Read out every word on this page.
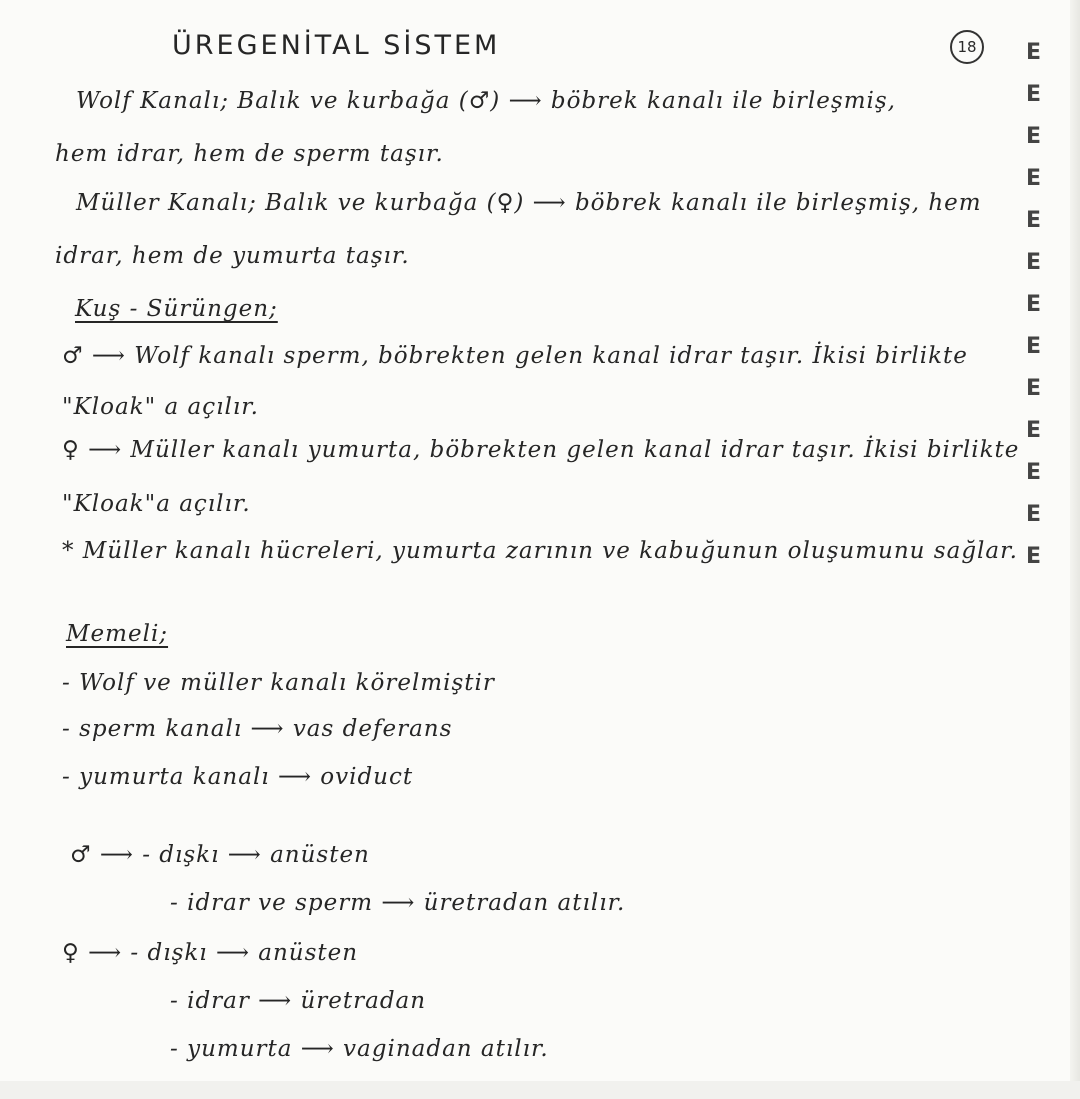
ÜREGENİTAL SİSTEM	18
Wolf Kanalı; Balık ve kurbağa (♂) ⟶ böbrek kanalı ile birleşmiş,
hem idrar, hem de sperm taşır.
Müller Kanalı; Balık ve kurbağa (♀) ⟶ böbrek kanalı ile birleşmiş, hem
idrar, hem de yumurta taşır.
Kuş - Sürüngen;
♂ ⟶ Wolf kanalı sperm, böbrekten gelen kanal idrar taşır. İkisi birlikte
"Kloak" a açılır.
♀ ⟶ Müller kanalı yumurta, böbrekten gelen kanal idrar taşır. İkisi birlikte
"Kloak"a açılır.
* Müller kanalı hücreleri, yumurta zarının ve kabuğunun oluşumunu sağlar.
Memeli;
- Wolf ve müller kanalı körelmiştir
- sperm kanalı ⟶ vas deferans
- yumurta kanalı ⟶ oviduct
♂ ⟶ - dışkı ⟶ anüsten
- idrar ve sperm ⟶ üretradan atılır.
♀ ⟶ - dışkı ⟶ anüsten
- idrar ⟶ üretradan
- yumurta ⟶ vaginadan atılır.
E
E
E
E
E
E
E
E
E
E
E
E
E
